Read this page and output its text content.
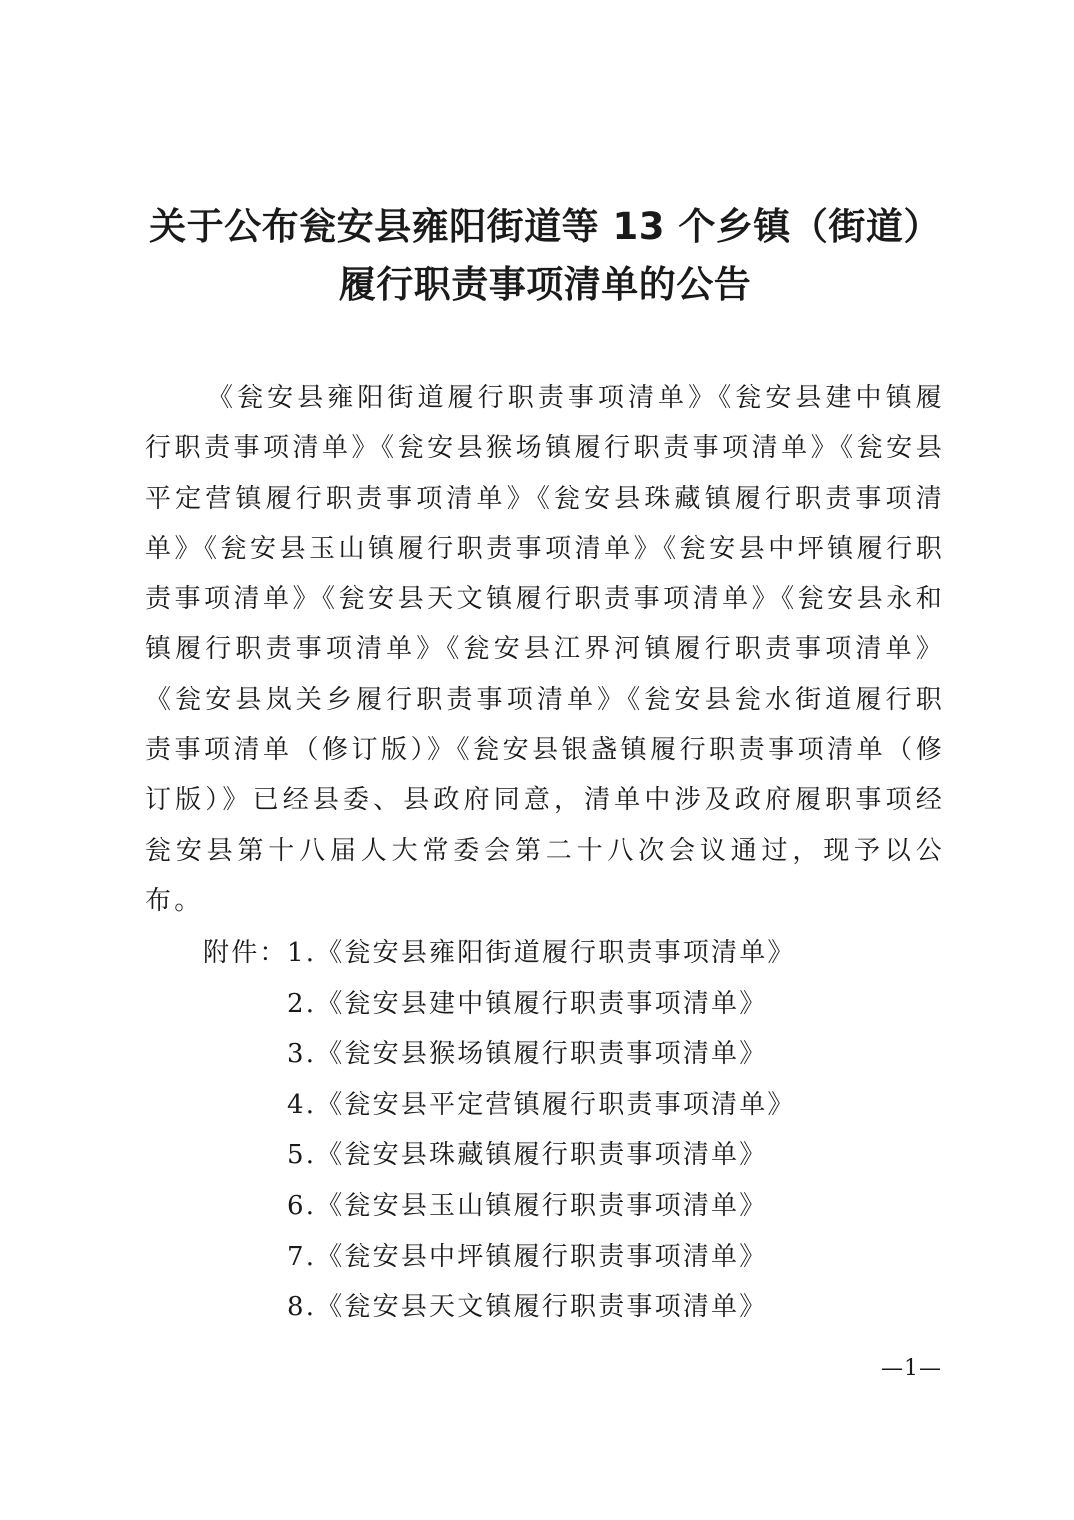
关于公布瓮安县雍阳街道等 13 个乡镇（街道）
履行职责事项清单的公告

《瓮安县雍阳街道履行职责事项清单》《瓮安县建中镇履行职责事项清单》《瓮安县猴场镇履行职责事项清单》《瓮安县平定营镇履行职责事项清单》《瓮安县珠藏镇履行职责事项清单》《瓮安县玉山镇履行职责事项清单》《瓮安县中坪镇履行职责事项清单》《瓮安县天文镇履行职责事项清单》《瓮安县永和镇履行职责事项清单》《瓮安县江界河镇履行职责事项清单》《瓮安县岚关乡履行职责事项清单》《瓮安县瓮水街道履行职责事项清单（修订版）》《瓮安县银盏镇履行职责事项清单（修订版）》已经县委、县政府同意，清单中涉及政府履职事项经瓮安县第十八届人大常委会第二十八次会议通过，现予以公布。

附件： 1. 《瓮安县雍阳街道履行职责事项清单》
2. 《瓮安县建中镇履行职责事项清单》
3. 《瓮安县猴场镇履行职责事项清单》
4. 《瓮安县平定营镇履行职责事项清单》
5. 《瓮安县珠藏镇履行职责事项清单》
6. 《瓮安县玉山镇履行职责事项清单》
7. 《瓮安县中坪镇履行职责事项清单》
8. 《瓮安县天文镇履行职责事项清单》
—1—
